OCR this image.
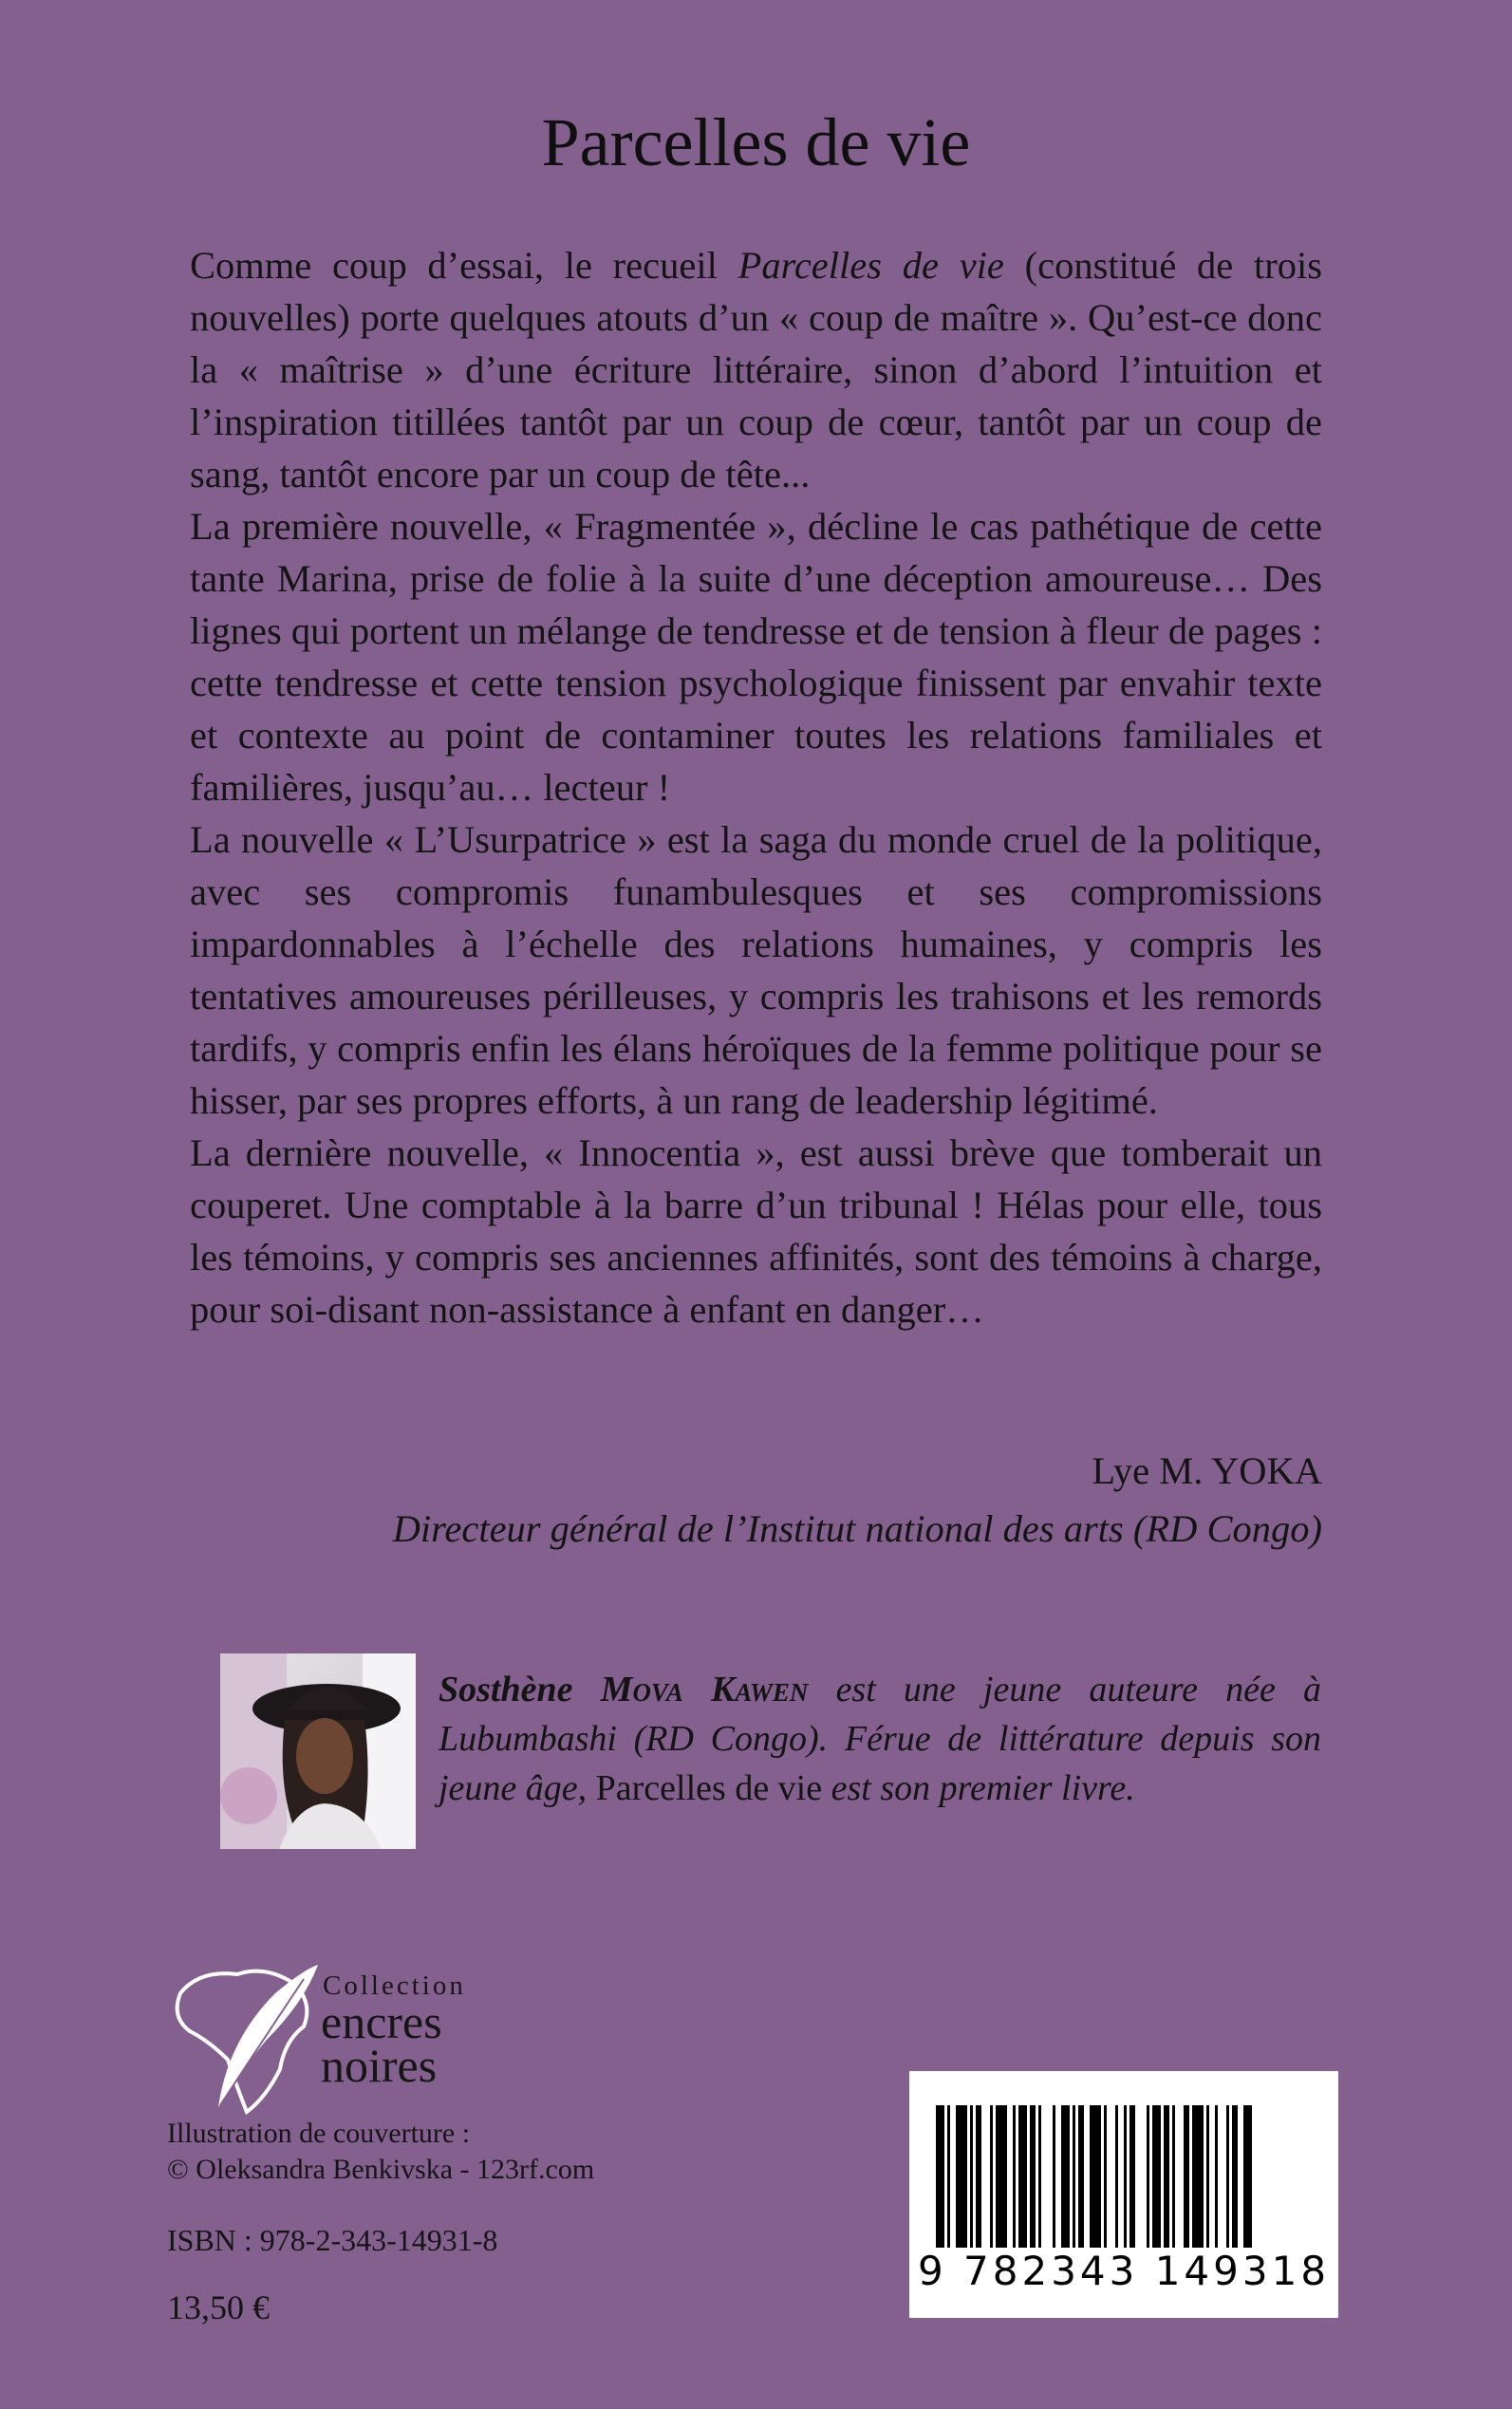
Parcelles de vie

Comme coup d’essai, le recueil Parcelles de vie (constitué de trois nouvelles) porte quelques atouts d’un « coup de maître ». Qu’est-ce donc la « maîtrise » d’une écriture littéraire, sinon d’abord l’intuition et l’inspiration titillées tantôt par un coup de cœur, tantôt par un coup de sang, tantôt encore par un coup de tête...

La première nouvelle, « Fragmentée », décline le cas pathétique de cette tante Marina, prise de folie à la suite d’une déception amoureuse… Des lignes qui portent un mélange de tendresse et de tension à fleur de pages : cette tendresse et cette tension psychologique finissent par envahir texte et contexte au point de contaminer toutes les relations familiales et familières, jusqu’au… lecteur !

La nouvelle « L’Usurpatrice » est la saga du monde cruel de la politique, avec ses compromis funambulesques et ses compromissions impardonnables à l’échelle des relations humaines, y compris les tentatives amoureuses périlleuses, y compris les trahisons et les remords tardifs, y compris enfin les élans héroïques de la femme politique pour se hisser, par ses propres efforts, à un rang de leadership légitimé.

La dernière nouvelle, « Innocentia », est aussi brève que tomberait un couperet. Une comptable à la barre d’un tribunal ! Hélas pour elle, tous les témoins, y compris ses anciennes affinités, sont des témoins à charge, pour soi-disant non-assistance à enfant en danger…

Lye M. YOKA
Directeur général de l’Institut national des arts (RD Congo)
Sosthène Mova Kawen est une jeune auteure née à Lubumbashi (RD Congo). Férue de littérature depuis son jeune âge, Parcelles de vie est son premier livre.
Collection
encres
noires
Illustration de couverture :
© Oleksandra Benkivska - 123rf.com
ISBN : 978-2-343-14931-8
13,50 €
9 782343 149318
